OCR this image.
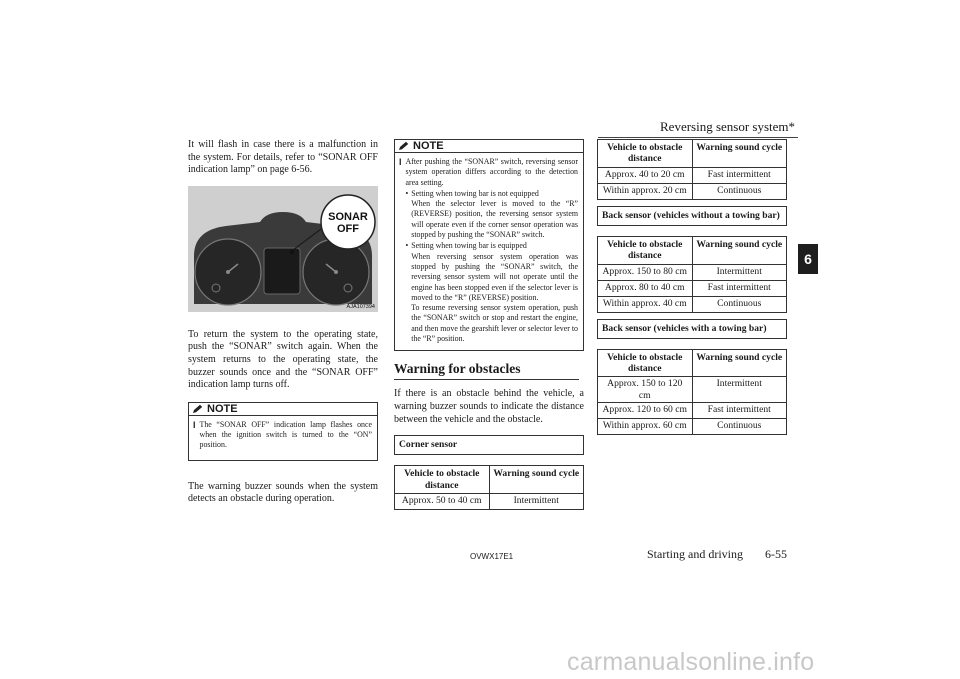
Reversing sensor system*
6

It will flash in case there is a malfunction in the system. For details, refer to “SONAR OFF indication lamp” on page 6-56.

SONAR
OFF
AJA107394

To return the system to the operating state, push the “SONAR” switch again. When the system returns to the operating state, the buzzer sounds once and the “SONAR OFF” indication lamp turns off.

NOTE
l The “SONAR OFF” indication lamp flashes once when the ignition switch is turned to the “ON” position.

The warning buzzer sounds when the system detects an obstacle during operation.

NOTE
l After pushing the “SONAR” switch, reversing sensor system operation differs according to the detection area setting.
• Setting when towing bar is not equipped
When the selector lever is moved to the “R” (REVERSE) position, the reversing sensor system will operate even if the corner sensor operation was stopped by pushing the “SONAR” switch.
• Setting when towing bar is equipped
When reversing sensor system operation was stopped by pushing the “SONAR” switch, the reversing sensor system will not operate until the engine has been stopped even if the selector lever is moved to the “R” (REVERSE) position.
To resume reversing sensor system operation, push the “SONAR” switch or stop and restart the engine, and then move the gearshift lever or selector lever to the “R” position.
Warning for obstacles

If there is an obstacle behind the vehicle, a warning buzzer sounds to indicate the distance between the vehicle and the obstacle.

Corner sensor
Vehicle to obstacle distance	Warning sound cycle
Approx. 50 to 40 cm	Intermittent
Vehicle to obstacle distance	Warning sound cycle
Approx. 40 to 20 cm	Fast intermittent
Within approx. 20 cm	Continuous
Back sensor (vehicles without a towing bar)
Vehicle to obstacle distance	Warning sound cycle
Approx. 150 to 80 cm	Intermittent
Approx. 80 to 40 cm	Fast intermittent
Within approx. 40 cm	Continuous
Back sensor (vehicles with a towing bar)
Vehicle to obstacle distance	Warning sound cycle
Approx. 150 to 120 cm	Intermittent
Approx. 120 to 60 cm	Fast intermittent
Within approx. 60 cm	Continuous
OVWX17E1	Starting and driving 6-55
carmanualsonline.info
